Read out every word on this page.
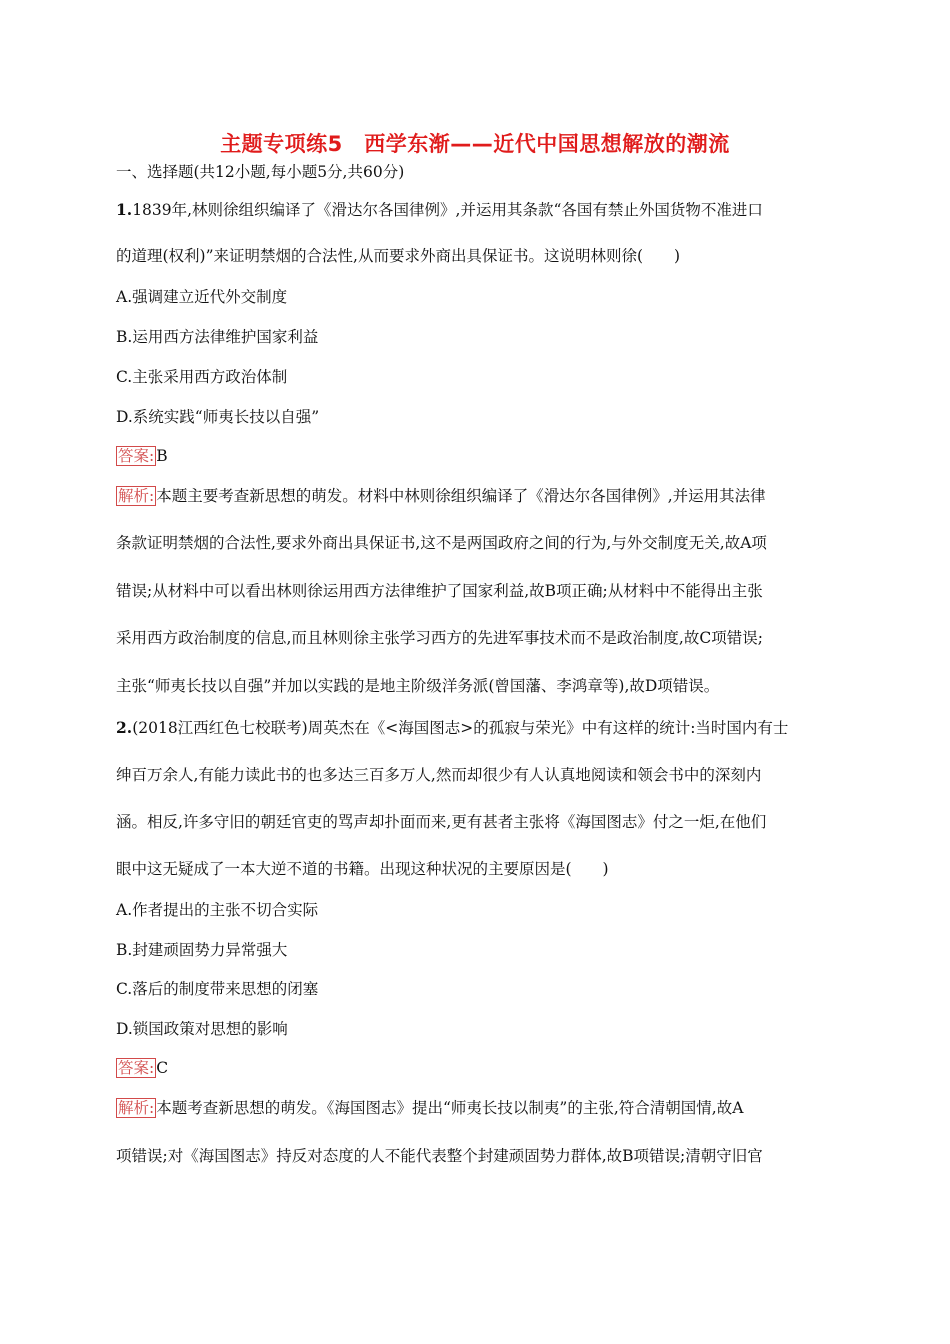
主题专项练5　西学东渐——近代中国思想解放的潮流
一、选择题(共12小题,每小题5分,共60分)
1.1839年,林则徐组织编译了《滑达尔各国律例》,并运用其条款“各国有禁止外国货物不准进口
的道理(权利)”来证明禁烟的合法性,从而要求外商出具保证书。这说明林则徐(　　)
A.强调建立近代外交制度
B.运用西方法律维护国家利益
C.主张采用西方政治体制
D.系统实践“师夷长技以自强”
答案: B
解析: 本题主要考查新思想的萌发。材料中林则徐组织编译了《滑达尔各国律例》,并运用其法律
条款证明禁烟的合法性,要求外商出具保证书,这不是两国政府之间的行为,与外交制度无关,故A项
错误;从材料中可以看出林则徐运用西方法律维护了国家利益,故B项正确;从材料中不能得出主张
采用西方政治制度的信息,而且林则徐主张学习西方的先进军事技术而不是政治制度,故C项错误;
主张“师夷长技以自强”并加以实践的是地主阶级洋务派(曾国藩、李鸿章等),故D项错误。
2.(2018江西红色七校联考)周英杰在《<海国图志>的孤寂与荣光》中有这样的统计:当时国内有士
绅百万余人,有能力读此书的也多达三百多万人,然而却很少有人认真地阅读和领会书中的深刻内
涵。相反,许多守旧的朝廷官吏的骂声却扑面而来,更有甚者主张将《海国图志》付之一炬,在他们
眼中这无疑成了一本大逆不道的书籍。出现这种状况的主要原因是(　　)
A.作者提出的主张不切合实际
B.封建顽固势力异常强大
C.落后的制度带来思想的闭塞
D.锁国政策对思想的影响
答案: C
解析: 本题考查新思想的萌发。《海国图志》提出“师夷长技以制夷”的主张,符合清朝国情,故A
项错误;对《海国图志》持反对态度的人不能代表整个封建顽固势力群体,故B项错误;清朝守旧官
